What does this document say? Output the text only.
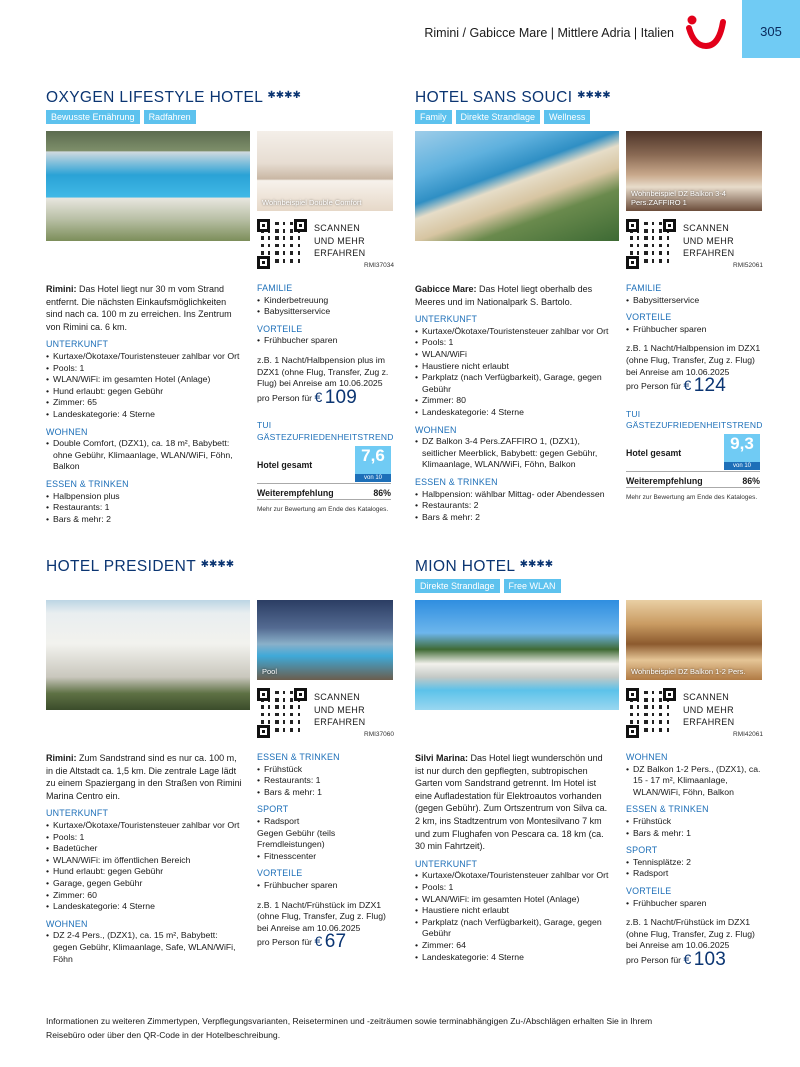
Rimini / Gabicce Mare | Mittlere Adria | Italien	305
OXYGEN LIFESTYLE HOTEL ✱✱✱✱
Bewusste Ernährung	Radfahren
Wohnbeispiel Double Comfort
SCANNEN
UND MEHR
ERFAHREN
RMI37034

Rimini: Das Hotel liegt nur 30 m vom Strand entfernt. Die nächsten Einkaufsmöglichkeiten sind nach ca. 100 m zu erreichen. Ins Zentrum von Rimini ca. 6 km.

UNTERKUNFT
• Kurtaxe/Ökotaxe/Touristensteuer zahlbar vor Ort
• Pools: 1
• WLAN/WiFi: im gesamten Hotel (Anlage)
• Hund erlaubt: gegen Gebühr
• Zimmer: 65
• Landeskategorie: 4 Sterne
WOHNEN
• Double Comfort, (DZX1), ca. 18 m², Babybett: ohne Gebühr, Klimaanlage, WLAN/WiFi, Föhn, Balkon
ESSEN & TRINKEN
• Halbpension plus
• Restaurants: 1
• Bars & mehr: 2
FAMILIE
• Kinderbetreuung
• Babysitterservice
VORTEILE
• Frühbucher sparen
z.B. 1 Nacht/Halbpension plus im DZX1 (ohne Flug, Transfer, Zug z. Flug) bei Anreise am 10.06.2025
pro Person für € 109
TUI GÄSTEZUFRIEDENHEITSTREND
Hotel gesamt	7,6
von 10
Weiterempfehlung	86%
Mehr zur Bewertung am Ende des Kataloges.
HOTEL SANS SOUCI ✱✱✱✱
Family	Direkte Strandlage	Wellness
Wohnbeispiel DZ Balkon 3-4 Pers.ZAFFIRO 1
SCANNEN
UND MEHR
ERFAHREN
RMI52061

Gabicce Mare: Das Hotel liegt oberhalb des Meeres und im Nationalpark S. Bartolo.

UNTERKUNFT
• Kurtaxe/Ökotaxe/Touristensteuer zahlbar vor Ort
• Pools: 1
• WLAN/WiFi
• Haustiere nicht erlaubt
• Parkplatz (nach Verfügbarkeit), Garage, gegen Gebühr
• Zimmer: 80
• Landeskategorie: 4 Sterne
WOHNEN
• DZ Balkon 3-4 Pers.ZAFFIRO 1, (DZX1), seitlicher Meerblick, Babybett: gegen Gebühr, Klimaanlage, WLAN/WiFi, Föhn, Balkon
ESSEN & TRINKEN
• Halbpension: wählbar Mittag- oder Abendessen
• Restaurants: 2
• Bars & mehr: 2
FAMILIE
• Babysitterservice
VORTEILE
• Frühbucher sparen
z.B. 1 Nacht/Halbpension im DZX1 (ohne Flug, Transfer, Zug z. Flug) bei Anreise am 10.06.2025
pro Person für € 124
TUI GÄSTEZUFRIEDENHEITSTREND
Hotel gesamt	9,3
von 10
Weiterempfehlung	86%
Mehr zur Bewertung am Ende des Kataloges.
HOTEL PRESIDENT ✱✱✱✱
Pool
SCANNEN
UND MEHR
ERFAHREN
RMI37060

Rimini: Zum Sandstrand sind es nur ca. 100 m, in die Altstadt ca. 1,5 km. Die zentrale Lage lädt zu einem Spaziergang in den Straßen von Rimini Marina Centro ein.

UNTERKUNFT
• Kurtaxe/Ökotaxe/Touristensteuer zahlbar vor Ort
• Pools: 1
• Badetücher
• WLAN/WiFi: im öffentlichen Bereich
• Hund erlaubt: gegen Gebühr
• Garage, gegen Gebühr
• Zimmer: 60
• Landeskategorie: 4 Sterne
WOHNEN
• DZ 2-4 Pers., (DZX1), ca. 15 m², Babybett: gegen Gebühr, Klimaanlage, Safe, WLAN/WiFi, Föhn
ESSEN & TRINKEN
• Frühstück
• Restaurants: 1
• Bars & mehr: 1
SPORT
• Radsport
Gegen Gebühr (teils Fremdleistungen)
• Fitnesscenter
VORTEILE
• Frühbucher sparen
z.B. 1 Nacht/Frühstück im DZX1 (ohne Flug, Transfer, Zug z. Flug) bei Anreise am 10.06.2025
pro Person für € 67
MION HOTEL ✱✱✱✱
Direkte Strandlage	Free WLAN
Wohnbeispiel DZ Balkon 1-2 Pers.
SCANNEN
UND MEHR
ERFAHREN
RMI42061

Silvi Marina: Das Hotel liegt wunderschön und ist nur durch den gepflegten, subtropischen Garten vom Sandstrand getrennt. Im Hotel ist eine Aufladestation für Elektroautos vorhanden (gegen Gebühr). Zum Ortszentrum von Silva ca. 2 km, ins Stadtzentrum von Montesilvano 7 km und zum Flughafen von Pescara ca. 18 km (ca. 30 min Fahrtzeit).

UNTERKUNFT
• Kurtaxe/Ökotaxe/Touristensteuer zahlbar vor Ort
• Pools: 1
• WLAN/WiFi: im gesamten Hotel (Anlage)
• Haustiere nicht erlaubt
• Parkplatz (nach Verfügbarkeit), Garage, gegen Gebühr
• Zimmer: 64
• Landeskategorie: 4 Sterne
WOHNEN
• DZ Balkon 1-2 Pers., (DZX1), ca. 15 - 17 m², Klimaanlage, WLAN/WiFi, Föhn, Balkon
ESSEN & TRINKEN
• Frühstück
• Bars & mehr: 1
SPORT
• Tennisplätze: 2
• Radsport
VORTEILE
• Frühbucher sparen
z.B. 1 Nacht/Frühstück im DZX1 (ohne Flug, Transfer, Zug z. Flug) bei Anreise am 10.06.2025
pro Person für € 103
Informationen zu weiteren Zimmertypen, Verpflegungsvarianten, Reiseterminen und -zeiträumen sowie terminabhängigen Zu-/Abschlägen erhalten Sie in Ihrem Reisebüro oder über den QR-Code in der Hotelbeschreibung.
